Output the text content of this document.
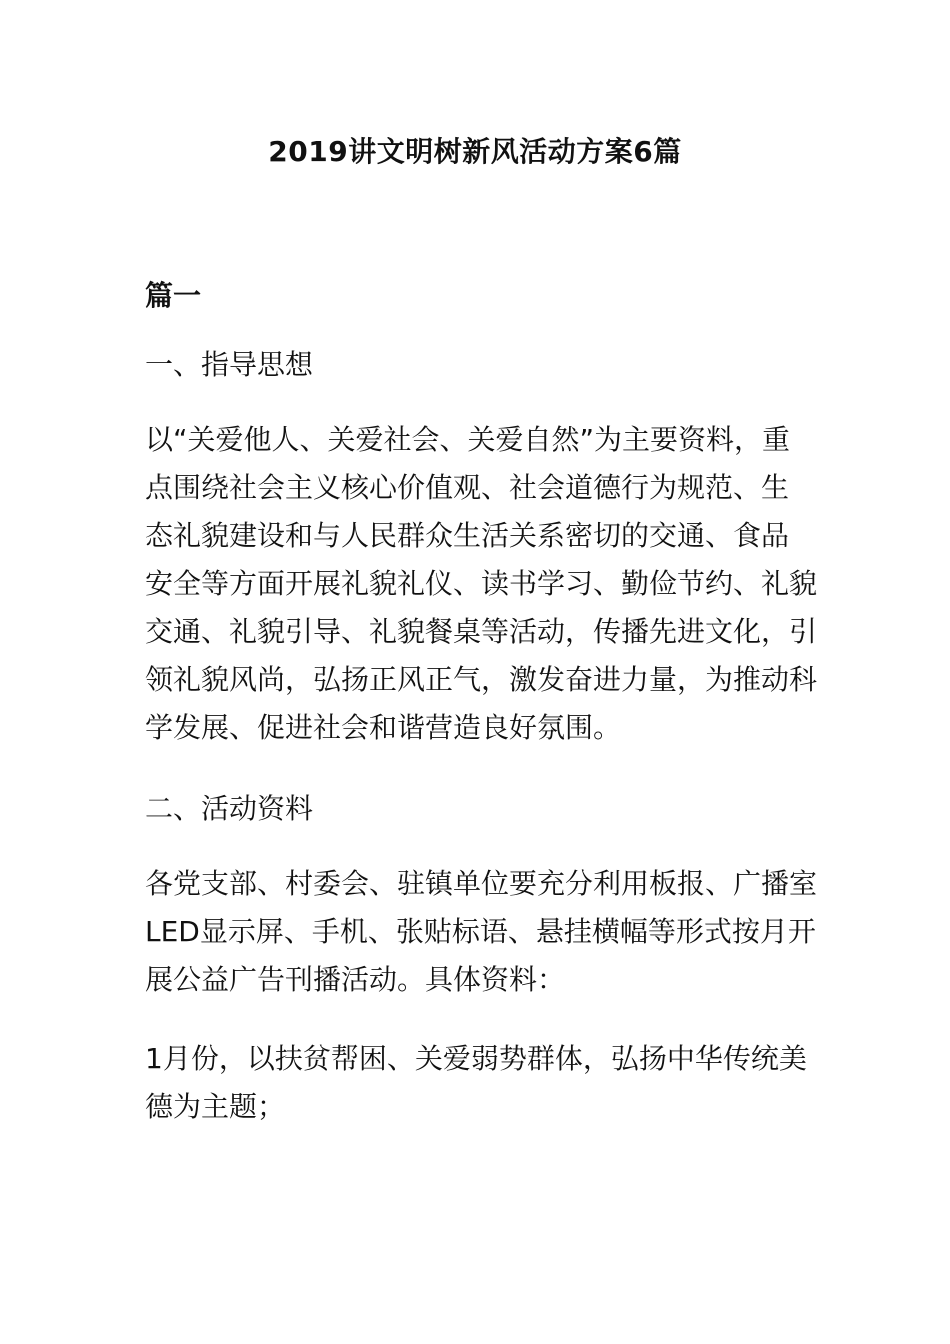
2019讲文明树新风活动方案6篇
篇一
一、指导思想
以“关爱他人、关爱社会、关爱自然”为主要资料，重
点围绕社会主义核心价值观、社会道德行为规范、生
态礼貌建设和与人民群众生活关系密切的交通、食品
安全等方面开展礼貌礼仪、读书学习、勤俭节约、礼貌
交通、礼貌引导、礼貌餐桌等活动，传播先进文化，引
领礼貌风尚，弘扬正风正气，激发奋进力量，为推动科
学发展、促进社会和谐营造良好氛围。
二、活动资料
各党支部、村委会、驻镇单位要充分利用板报、广播室
LED显示屏、手机、张贴标语、悬挂横幅等形式按月开
展公益广告刊播活动。具体资料：
1月份，以扶贫帮困、关爱弱势群体，弘扬中华传统美
德为主题；
